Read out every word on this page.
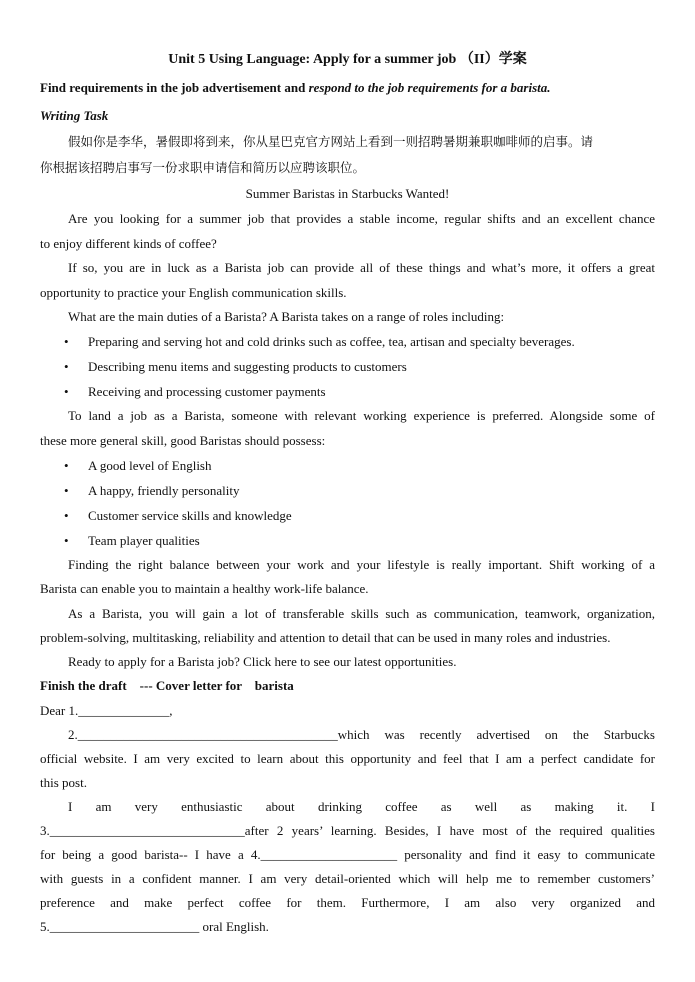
Unit 5 Using Language: Apply for a summer job （II）学案
Find requirements in the job advertisement and respond to the job requirements for a barista.
Writing Task
假如你是李华，暑假即将到来，你从星巴克官方网站上看到一则招聘暑期兼职咖啡师的启事。请
你根据该招聘启事写一份求职申请信和简历以应聘该职位。
Summer Baristas in Starbucks Wanted!
Are you looking for a summer job that provides a stable income, regular shifts and an excellent chance
to enjoy different kinds of coffee?
If so, you are in luck as a Barista job can provide all of these things and what’s more, it offers a great
opportunity to practice your English communication skills.
What are the main duties of a Barista? A Barista takes on a range of roles including:
• Preparing and serving hot and cold drinks such as coffee, tea, artisan and specialty beverages.
• Describing menu items and suggesting products to customers
• Receiving and processing customer payments
To land a job as a Barista, someone with relevant working experience is preferred. Alongside some of
these more general skill, good Baristas should possess:
• A good level of English
• A happy, friendly personality
• Customer service skills and knowledge
• Team player qualities
Finding the right balance between your work and your lifestyle is really important. Shift working of a
Barista can enable you to maintain a healthy work-life balance.
As a Barista, you will gain a lot of transferable skills such as communication, teamwork, organization,
problem-solving, multitasking, reliability and attention to detail that can be used in many roles and industries.
Ready to apply for a Barista job? Click here to see our latest opportunities.
Finish the draft    --- Cover letter for    barista
Dear 1.______________,
2.________________________________________which was recently advertised on the Starbucks
official website. I am very excited to learn about this opportunity and feel that I am a perfect candidate for
this post.
I am very enthusiastic about drinking coffee as well as making it. I
3.______________________________after 2 years’ learning. Besides, I have most of the required qualities
for being a good barista-- I have a 4._____________________ personality and find it easy to communicate
with guests in a confident manner. I am very detail-oriented which will help me to remember customers’
preference and make perfect coffee for them. Furthermore, I am also very organized and
5._______________________ oral English.
